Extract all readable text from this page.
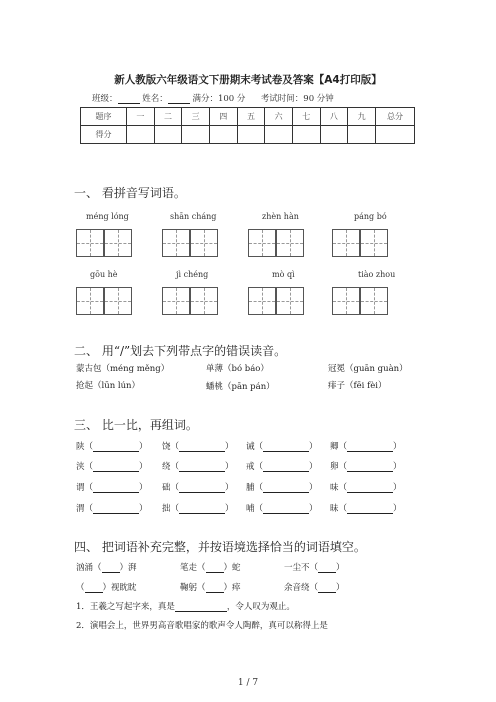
新人教版六年级语文下册期末考试卷及答案【A4打印版】
班级：	姓名：	满分：100 分 考试时间：90 分钟
题序	一	二	三	四	五	六	七	八	九	总分
得分										
一、 看拼音写词语。
méng lóng	shān cháng	zhèn hàn	páng bó
gōu hè	jì chéng	mò qì	tiào zhou
二、 用“/”划去下列带点字的错误读音。
蒙古包（méng měng）	单薄（bó báo）	冠冕（guān guàn）
抢起（lūn lún）	蟠桃（pān pán）	痱子（fēi fèi）
三、 比一比，再组词。
陕（	） 饶（	） 诫（	） 卿（	）
浃（	） 绕（	） 戒（	） 卵（	）
谓（	） 础（	） 脯（	） 味（	）
渭（	） 拙（	） 哺（	） 昧（	）
四、 把词语补充完整，并按语境选择恰当的词语填空。
汹涌（ ）湃	笔走（ ）蛇	一尘不（ ）
（ ）视眈眈	鞠躬（ ）瘁	余音绕（ ）
1．王羲之写起字来，真是	，令人叹为观止。
2．演唱会上，世界男高音歌唱家的歌声令人陶醉，真可以称得上是
1 / 7
